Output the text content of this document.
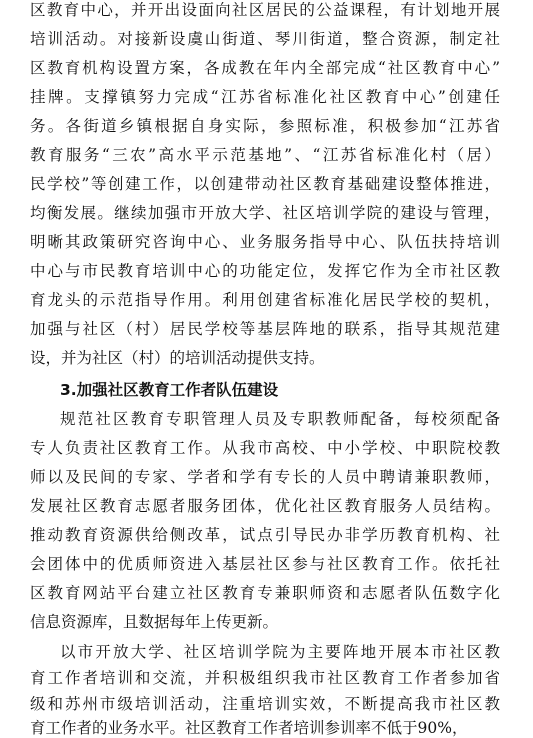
区教育中心，并开出设面向社区居民的公益课程，有计划地开展
培训活动。对接新设虞山街道、琴川街道，整合资源，制定社
区教育机构设置方案，各成教在年内全部完成“社区教育中心”
挂牌。支撑镇努力完成“江苏省标准化社区教育中心”创建任
务。各街道乡镇根据自身实际，参照标准，积极参加“江苏省
教育服务“三农”高水平示范基地”、“江苏省标准化村（居）
民学校”等创建工作，以创建带动社区教育基础建设整体推进，
均衡发展。继续加强市开放大学、社区培训学院的建设与管理，
明晰其政策研究咨询中心、业务服务指导中心、队伍扶持培训
中心与市民教育培训中心的功能定位，发挥它作为全市社区教
育龙头的示范指导作用。利用创建省标准化居民学校的契机，
加强与社区（村）居民学校等基层阵地的联系，指导其规范建
设，并为社区（村）的培训活动提供支持。
3.加强社区教育工作者队伍建设
规范社区教育专职管理人员及专职教师配备，每校须配备
专人负责社区教育工作。从我市高校、中小学校、中职院校教
师以及民间的专家、学者和学有专长的人员中聘请兼职教师，
发展社区教育志愿者服务团体，优化社区教育服务人员结构。
推动教育资源供给侧改革，试点引导民办非学历教育机构、社
会团体中的优质师资进入基层社区参与社区教育工作。依托社
区教育网站平台建立社区教育专兼职师资和志愿者队伍数字化
信息资源库，且数据每年上传更新。
以市开放大学、社区培训学院为主要阵地开展本市社区教
育工作者培训和交流，并积极组织我市社区教育工作者参加省
级和苏州市级培训活动，注重培训实效，不断提高我市社区教
育工作者的业务水平。社区教育工作者培训参训率不低于90%，
